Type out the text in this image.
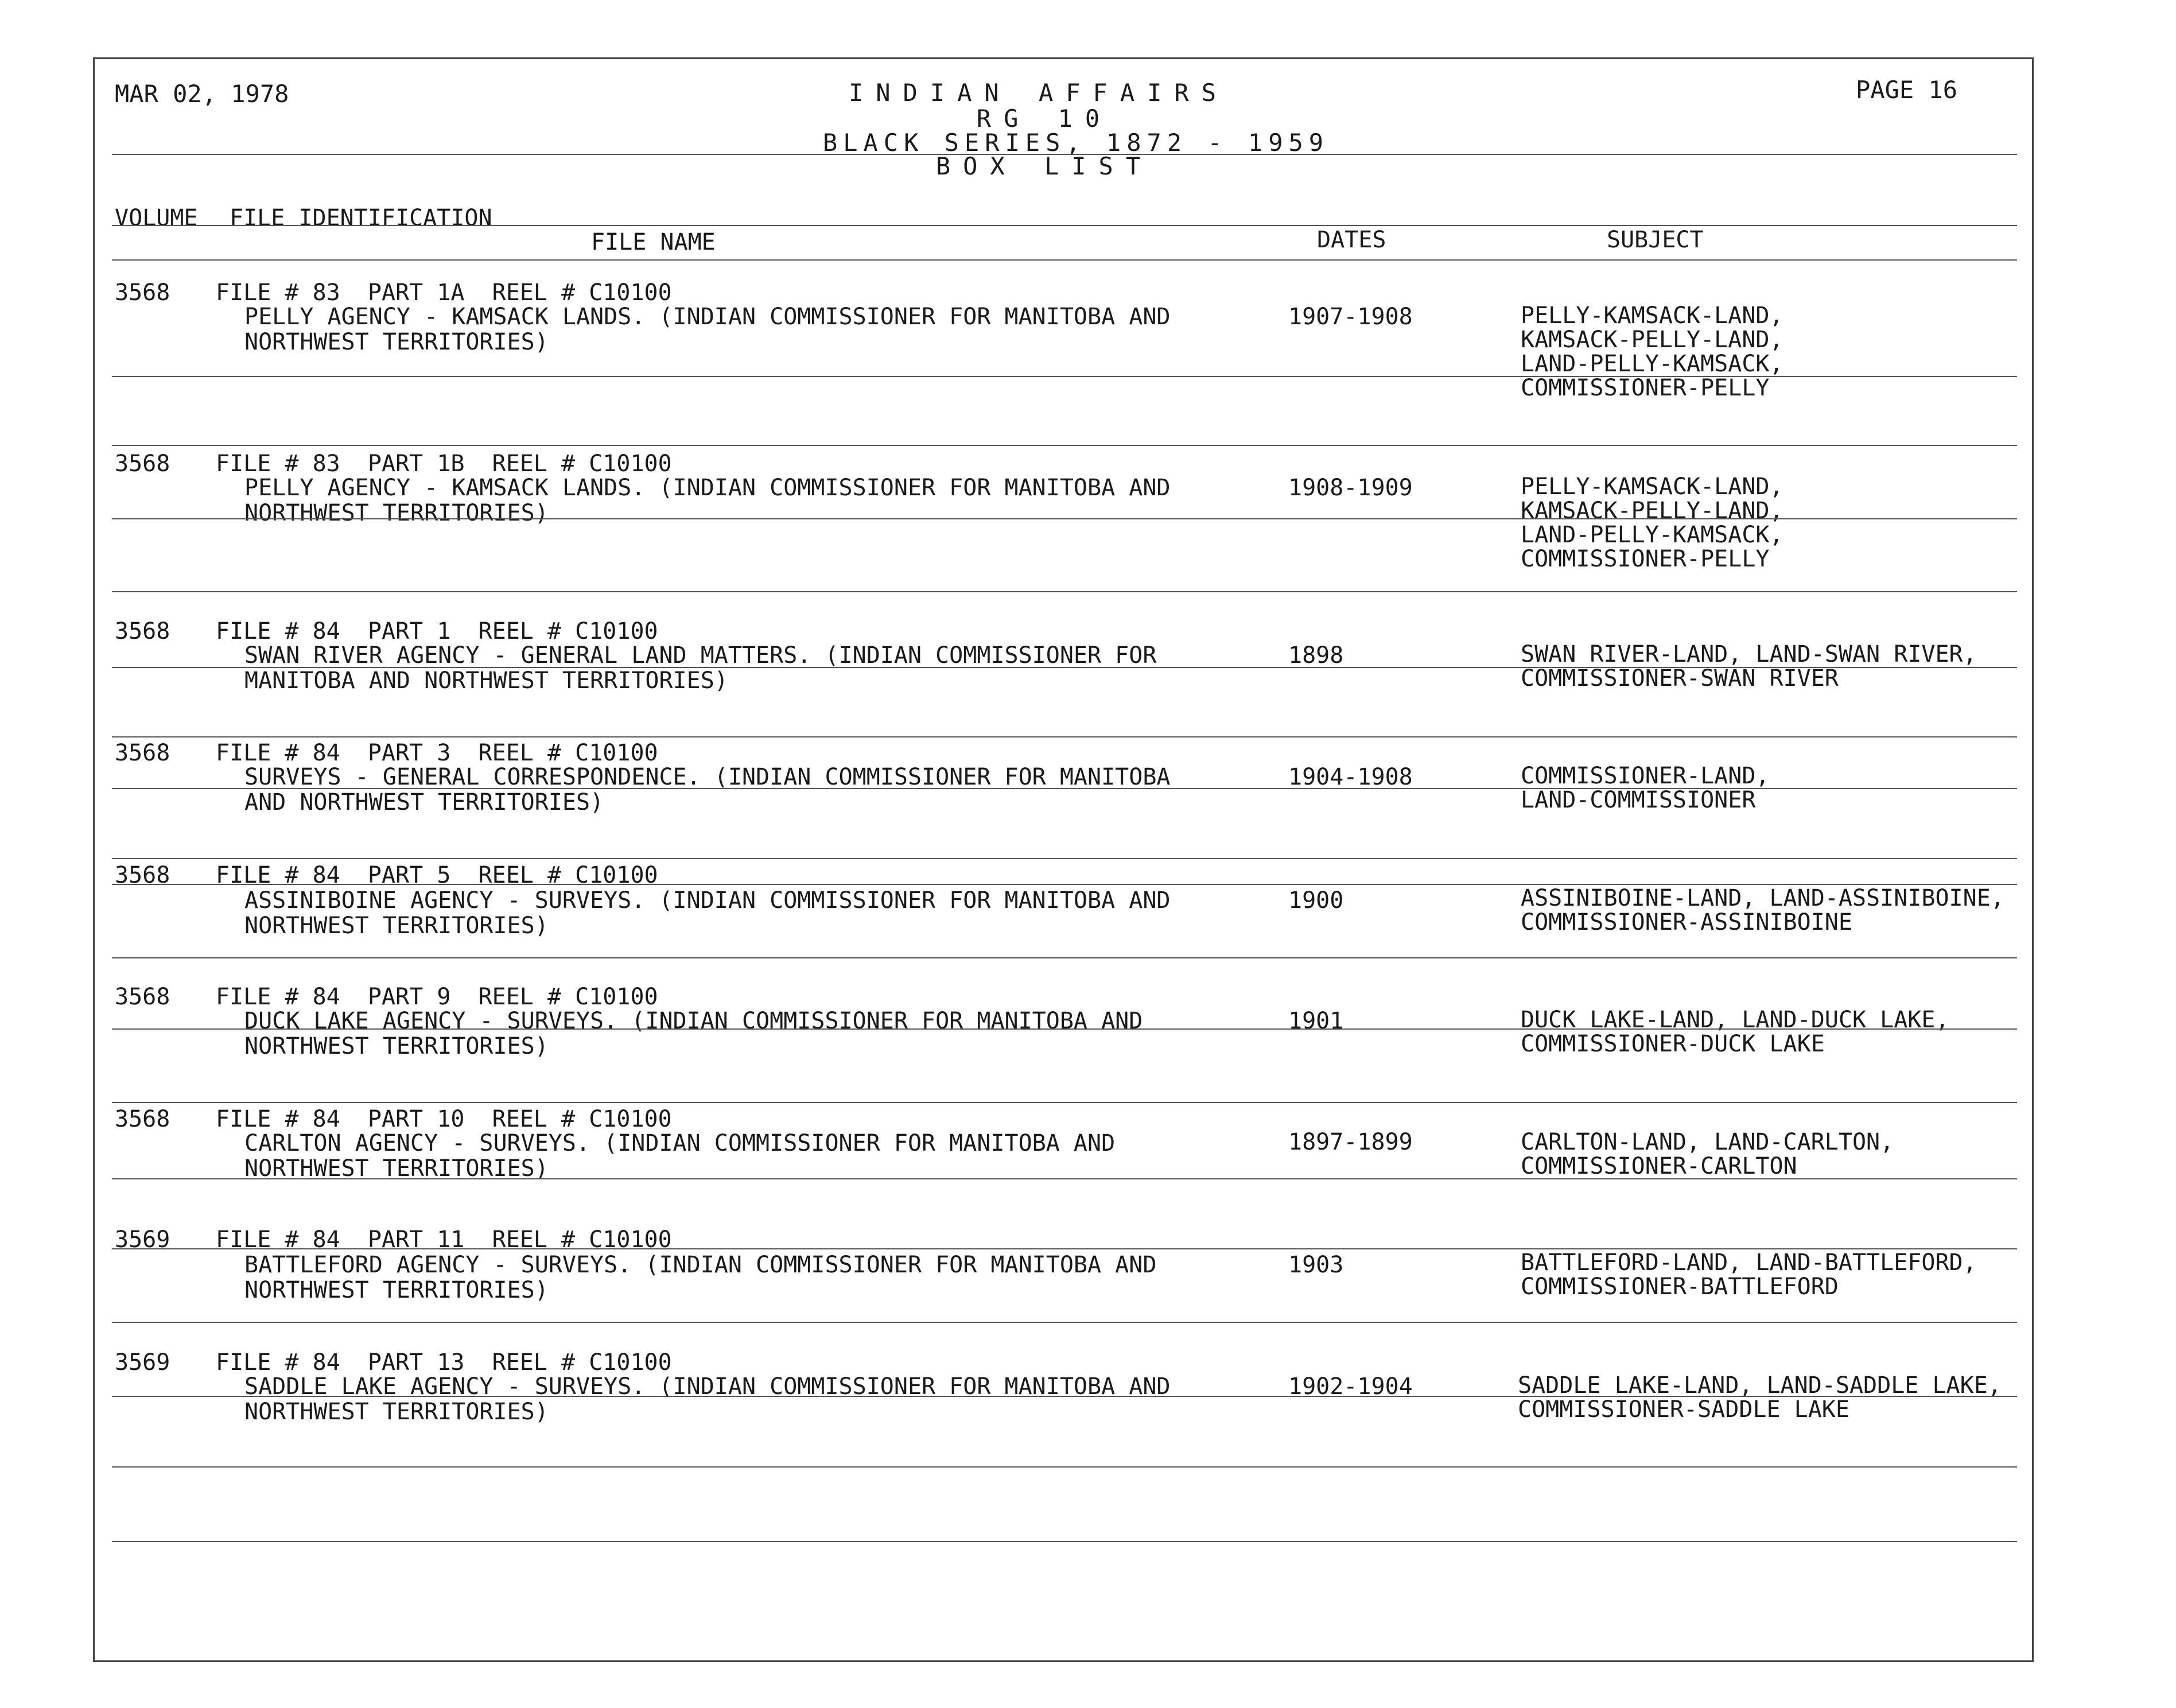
MAR 02, 1978	INDIAN AFFAIRS
RG 10
BLACK SERIES, 1872 - 1959
BOX LIST
PAGE 16
VOLUME FILE IDENTIFICATION
FILE NAME	DATES	SUBJECT
3568 FILE # 83  PART 1A  REEL # C10100
PELLY AGENCY - KAMSACK LANDS. (INDIAN COMMISSIONER FOR MANITOBA AND
NORTHWEST TERRITORIES)
1907-1908	PELLY-KAMSACK-LAND,
KAMSACK-PELLY-LAND,
LAND-PELLY-KAMSACK,
COMMISSIONER-PELLY
3568 FILE # 83  PART 1B  REEL # C10100
PELLY AGENCY - KAMSACK LANDS. (INDIAN COMMISSIONER FOR MANITOBA AND
NORTHWEST TERRITORIES)
1908-1909	PELLY-KAMSACK-LAND,
KAMSACK-PELLY-LAND,
LAND-PELLY-KAMSACK,
COMMISSIONER-PELLY
3568 FILE # 84  PART 1  REEL # C10100
SWAN RIVER AGENCY - GENERAL LAND MATTERS. (INDIAN COMMISSIONER FOR
MANITOBA AND NORTHWEST TERRITORIES)
1898	SWAN RIVER-LAND, LAND-SWAN RIVER,
COMMISSIONER-SWAN RIVER
3568 FILE # 84  PART 3  REEL # C10100
SURVEYS - GENERAL CORRESPONDENCE. (INDIAN COMMISSIONER FOR MANITOBA
AND NORTHWEST TERRITORIES)
1904-1908	COMMISSIONER-LAND,
LAND-COMMISSIONER
3568 FILE # 84  PART 5  REEL # C10100
ASSINIBOINE AGENCY - SURVEYS. (INDIAN COMMISSIONER FOR MANITOBA AND
NORTHWEST TERRITORIES)
1900	ASSINIBOINE-LAND, LAND-ASSINIBOINE,
COMMISSIONER-ASSINIBOINE
3568 FILE # 84  PART 9  REEL # C10100
DUCK LAKE AGENCY - SURVEYS. (INDIAN COMMISSIONER FOR MANITOBA AND
NORTHWEST TERRITORIES)
1901	DUCK LAKE-LAND, LAND-DUCK LAKE,
COMMISSIONER-DUCK LAKE
3568 FILE # 84  PART 10  REEL # C10100
CARLTON AGENCY - SURVEYS. (INDIAN COMMISSIONER FOR MANITOBA AND
NORTHWEST TERRITORIES)
1897-1899	CARLTON-LAND, LAND-CARLTON,
COMMISSIONER-CARLTON
3569 FILE # 84  PART 11  REEL # C10100
BATTLEFORD AGENCY - SURVEYS. (INDIAN COMMISSIONER FOR MANITOBA AND
NORTHWEST TERRITORIES)
1903	BATTLEFORD-LAND, LAND-BATTLEFORD,
COMMISSIONER-BATTLEFORD
3569 FILE # 84  PART 13  REEL # C10100
SADDLE LAKE AGENCY - SURVEYS. (INDIAN COMMISSIONER FOR MANITOBA AND
NORTHWEST TERRITORIES)
1902-1904	SADDLE LAKE-LAND, LAND-SADDLE LAKE,
COMMISSIONER-SADDLE LAKE
